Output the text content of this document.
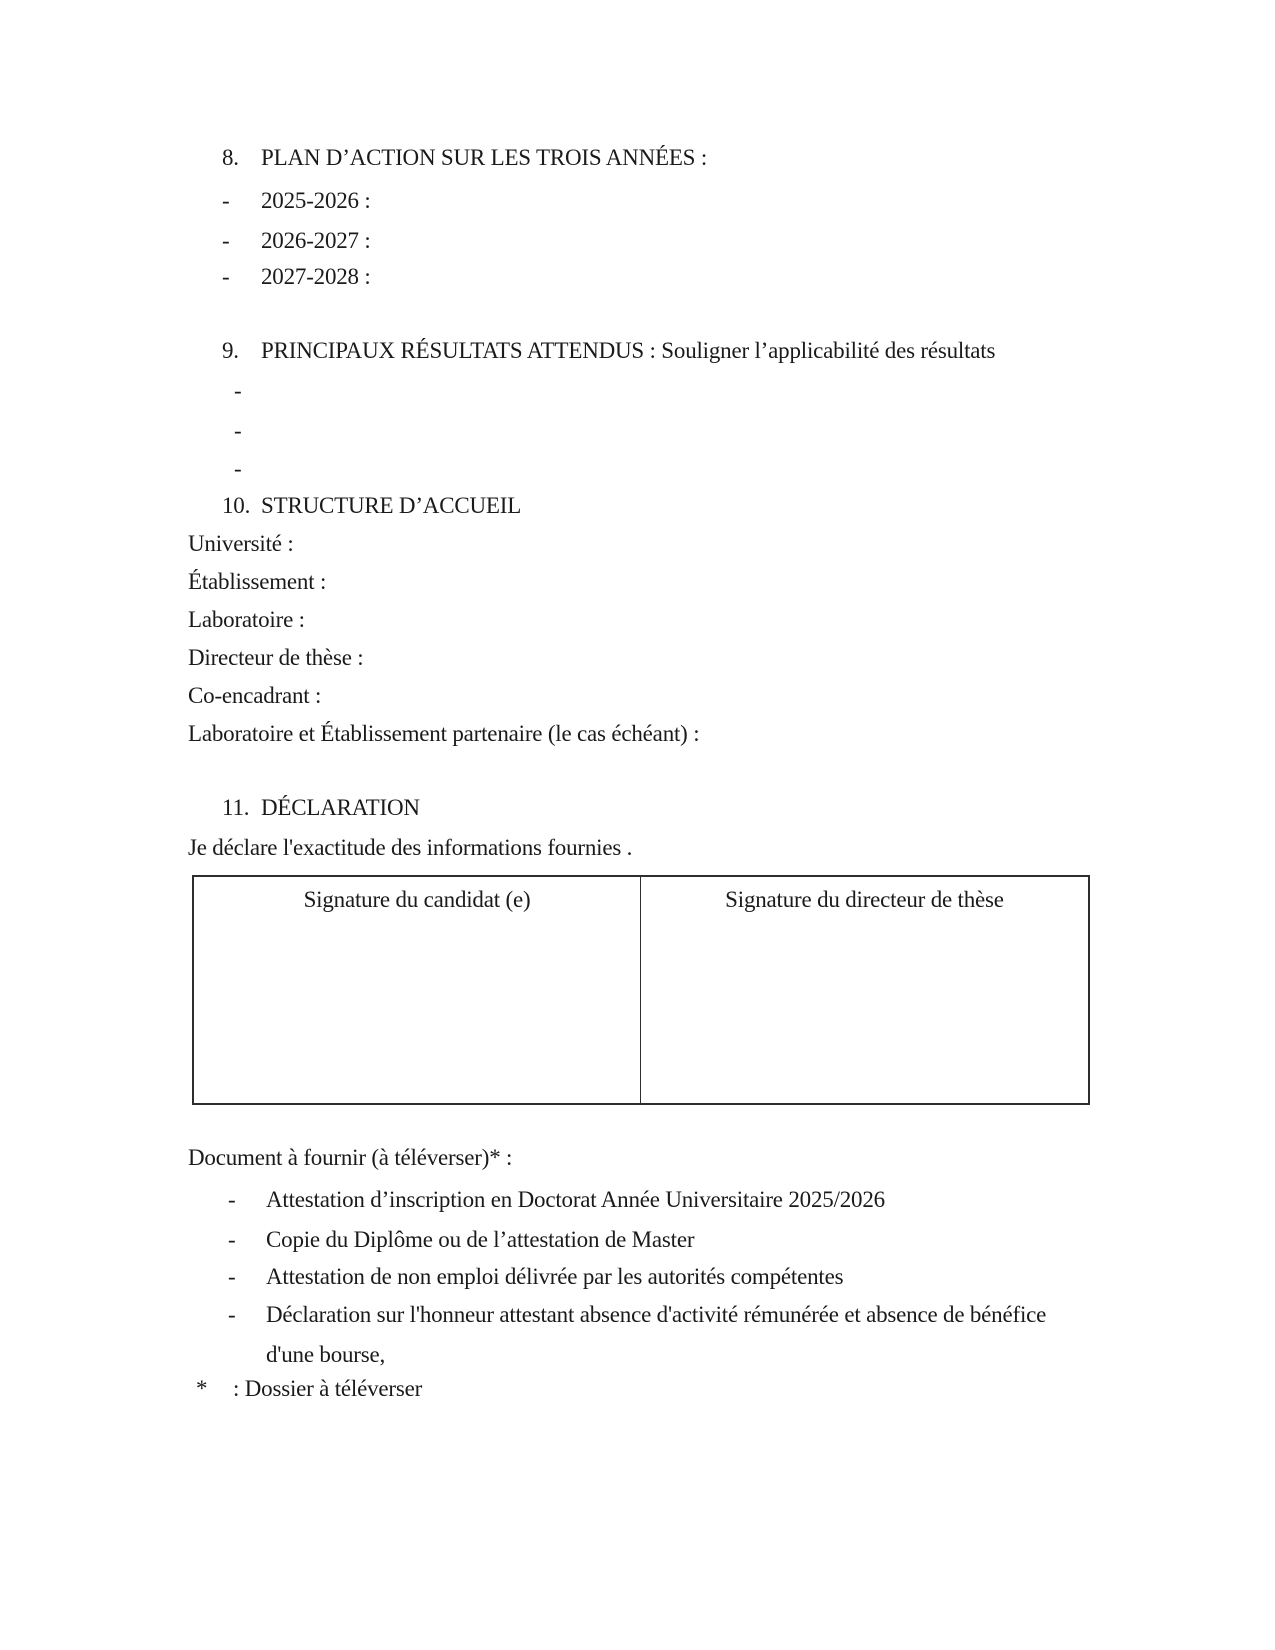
8. PLAN D’ACTION SUR LES TROIS ANNÉES :
- 2025-2026 :
- 2026-2027 :
- 2027-2028 :
9. PRINCIPAUX RÉSULTATS ATTENDUS : Souligner l’applicabilité des résultats
-
-
-
10. STRUCTURE D’ACCUEIL
Université :
Établissement :
Laboratoire :
Directeur de thèse :
Co-encadrant :
Laboratoire et Établissement partenaire (le cas échéant) :
11. DÉCLARATION
Je déclare l'exactitude des informations fournies .
Signature du candidat (e)	Signature du directeur de thèse
Document à fournir (à téléverser)* :
-	Attestation d’inscription en Doctorat Année Universitaire 2025/2026
-	Copie du Diplôme ou de l’attestation de Master
-	Attestation de non emploi délivrée par les autorités compétentes
-	Déclaration sur l'honneur attestant absence d'activité rémunérée et absence de bénéfice d'une bourse,
* : Dossier à téléverser
